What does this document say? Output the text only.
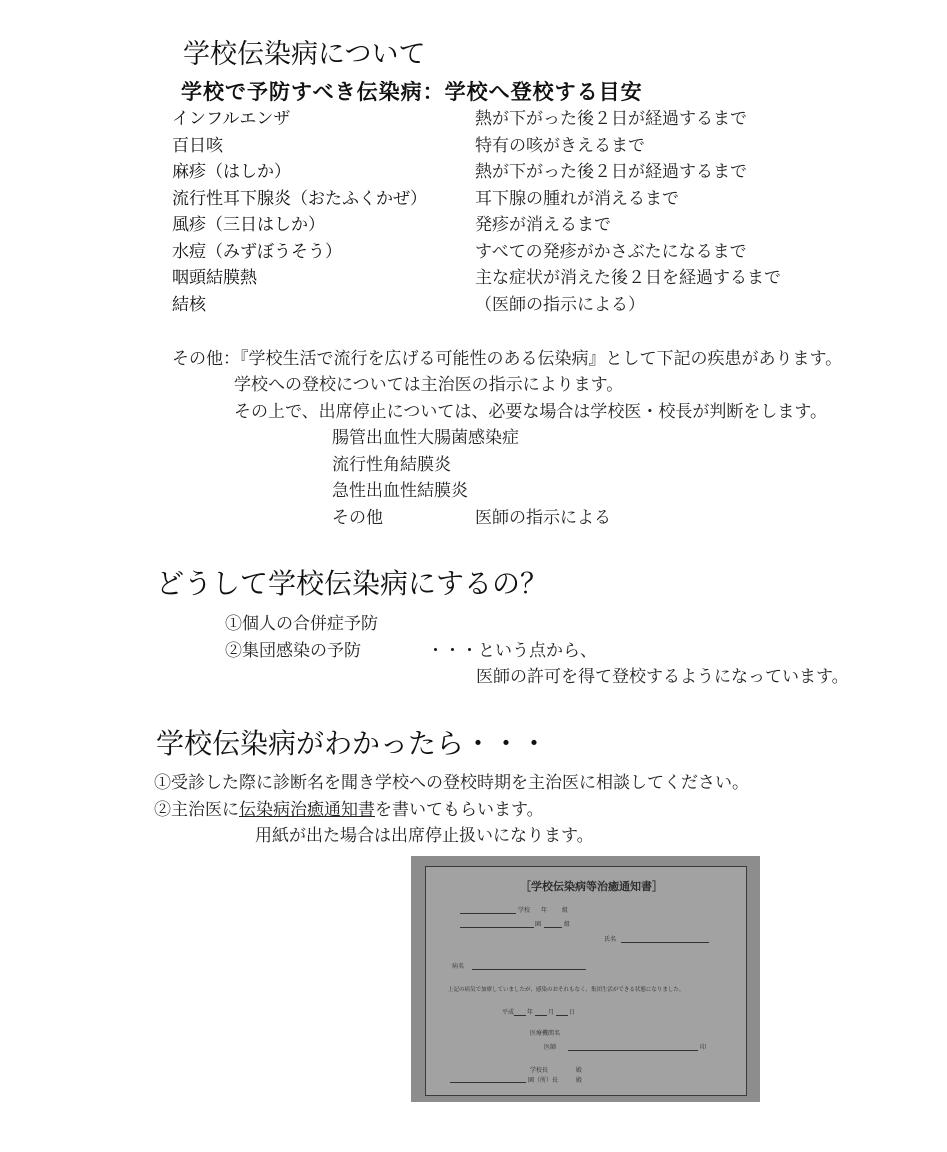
学校伝染病について
学校で予防すべき伝染病：学校へ登校する目安
インフルエンザ	熱が下がった後２日が経過するまで
百日咳	特有の咳がきえるまで
麻疹（はしか）	熱が下がった後２日が経過するまで
流行性耳下腺炎（おたふくかぜ）	耳下腺の腫れが消えるまで
風疹（三日はしか）	発疹が消えるまで
水痘（みずぼうそう）	すべての発疹がかさぶたになるまで
咽頭結膜熱	主な症状が消えた後２日を経過するまで
結核	（医師の指示による）
その他：『学校生活で流行を広げる可能性のある伝染病』として下記の疾患があります。
学校への登校については主治医の指示によります。
その上で、出席停止については、必要な場合は学校医・校長が判断をします。
腸管出血性大腸菌感染症
流行性角結膜炎
急性出血性結膜炎
その他	医師の指示による
どうして学校伝染病にするの？
①個人の合併症予防
②集団感染の予防	・・・という点から、
医師の許可を得て登校するようになっています。
学校伝染病がわかったら・・・
①受診した際に診断名を聞き学校への登校時期を主治医に相談してください。
②主治医に伝染病治癒通知書を書いてもらいます。
用紙が出た場合は出席停止扱いになります。
［学校伝染病等治癒通知書］
学校 年 組
園	組
氏名
病名
上記の病気で加療していましたが、感染のおそれもなく、集団生活ができる状態になりました。
平成 年 月 日
医療機関名
医師	印
学校長	殿
園（所）長	殿
